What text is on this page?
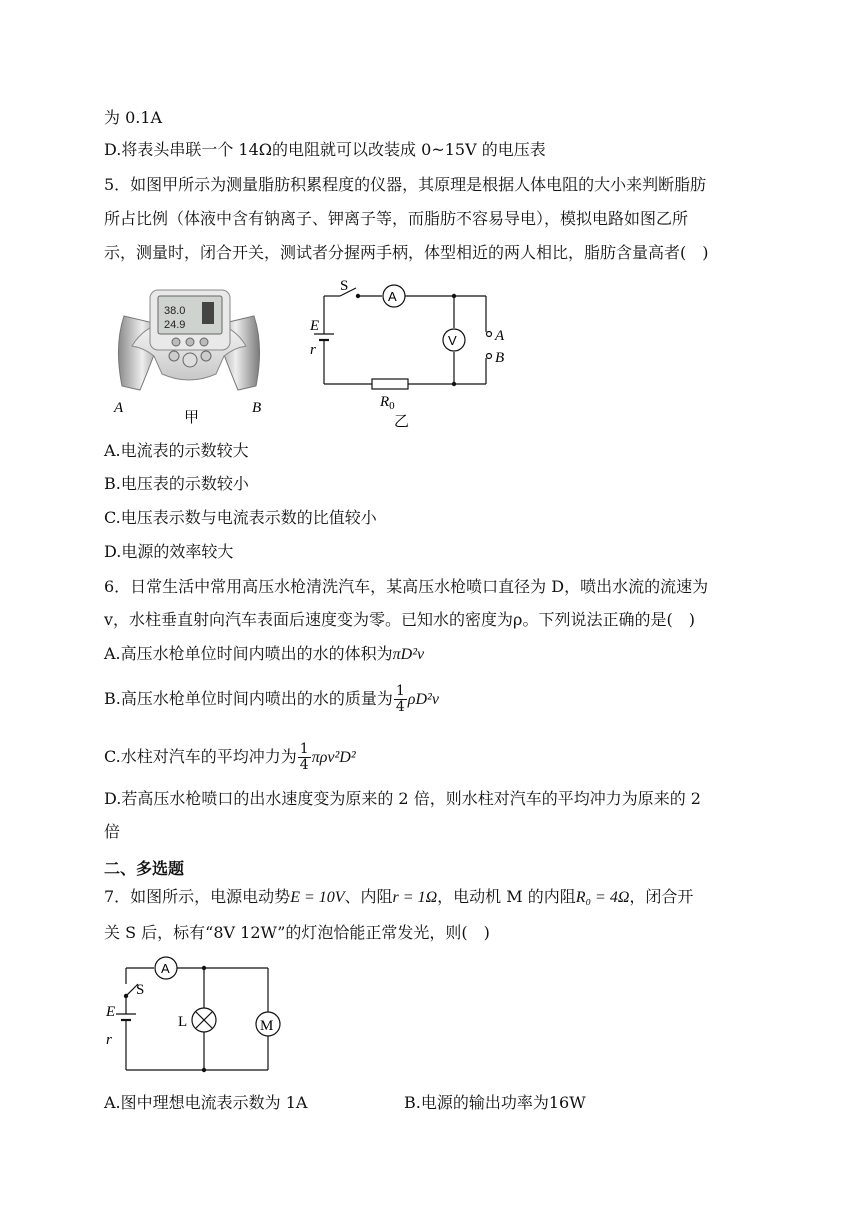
为 0.1A
D.将表头串联一个 14Ω的电阻就可以改装成 0~15V 的电压表
5．如图甲所示为测量脂肪积累程度的仪器，其原理是根据人体电阻的大小来判断脂肪
所占比例（体液中含有钠离子、钾离子等，而脂肪不容易导电），模拟电路如图乙所
示，测量时，闭合开关，测试者分握两手柄，体型相近的两人相比，脂肪含量高者(　)
38.0
24.9
A
甲
B
S
A
E
r
V	A
B
$R_0$
乙
A.电流表的示数较大
B.电压表的示数较小
C.电压表示数与电流表示数的比值较小
D.电源的效率较大
6．日常生活中常用高压水枪清洗汽车，某高压水枪喷口直径为 D，喷出水流的流速为
v，水柱垂直射向汽车表面后速度变为零。已知水的密度为ρ。下列说法正确的是(　)
A.高压水枪单位时间内喷出的水的体积为πD²v
B.高压水枪单位时间内喷出的水的质量为 $\frac{1}{4} \rho D^2v$
C.水柱对汽车的平均冲力为 $\frac{1}{4} \pi\rho v^2D^2$
D.若高压水枪喷口的出水速度变为原来的 2 倍，则水柱对汽车的平均冲力为原来的 2
倍
二、多选题
7．如图所示，电源电动势E = 10V、内阻r = 1Ω，电动机 M 的内阻R₀ = 4Ω，闭合开
关 S 后，标有“8V 12W”的灯泡恰能正常发光，则(　)
A
S
E
r
L	M
A.图中理想电流表示数为 1A	B.电源的输出功率为16W
